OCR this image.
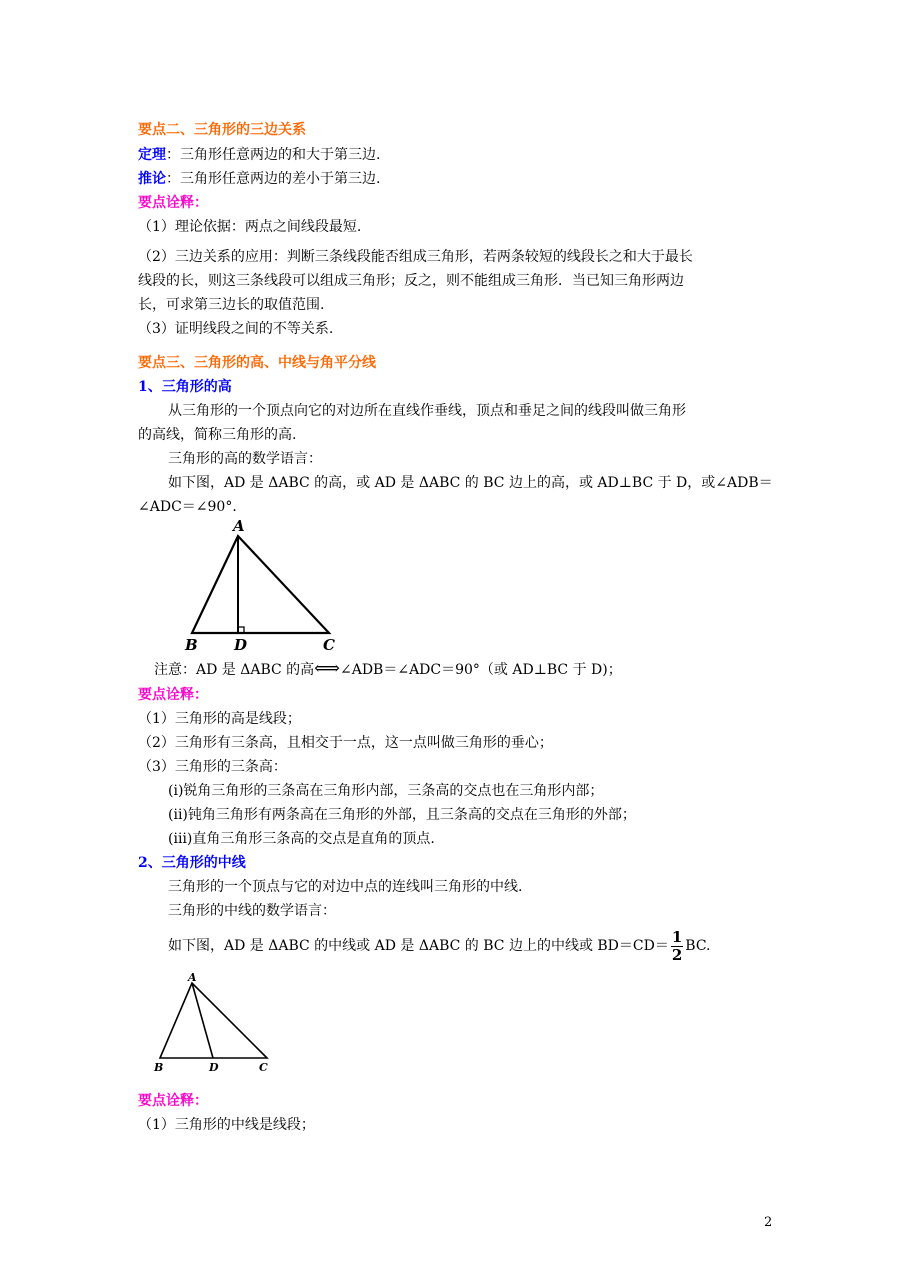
要点二、三角形的三边关系
定理：三角形任意两边的和大于第三边.
推论：三角形任意两边的差小于第三边.
要点诠释：
（1）理论依据：两点之间线段最短.
（2）三边关系的应用：判断三条线段能否组成三角形，若两条较短的线段长之和大于最长
线段的长，则这三条线段可以组成三角形；反之，则不能组成三角形．当已知三角形两边
长，可求第三边长的取值范围.
（3）证明线段之间的不等关系.
要点三、三角形的高、中线与角平分线
1、三角形的高
从三角形的一个顶点向它的对边所在直线作垂线，顶点和垂足之间的线段叫做三角形
的高线，简称三角形的高.
三角形的高的数学语言：
如下图，AD 是 ΔABC 的高，或 AD 是 ΔABC 的 BC 边上的高，或 AD⊥BC 于 D，或∠ADB＝
∠ADC＝∠90°．
A
B D	C
注意：AD 是 ΔABC 的高⟺∠ADB＝∠ADC＝90°（或 AD⊥BC 于 D)；
要点诠释：
（1）三角形的高是线段；
（2）三角形有三条高，且相交于一点，这一点叫做三角形的垂心；
（3）三角形的三条高：
(ⅰ)锐角三角形的三条高在三角形内部，三条高的交点也在三角形内部；
(ⅱ)钝角三角形有两条高在三角形的外部，且三条高的交点在三角形的外部；
(ⅲ)直角三角形三条高的交点是直角的顶点.
2、三角形的中线
三角形的一个顶点与它的对边中点的连线叫三角形的中线.
三角形的中线的数学语言：
如下图，AD 是 ΔABC 的中线或 AD 是 ΔABC 的 BC 边上的中线或 $BD=CD= \frac{1}{2}$ BC.
A
B	D	C
要点诠释：
（1）三角形的中线是线段；
2
